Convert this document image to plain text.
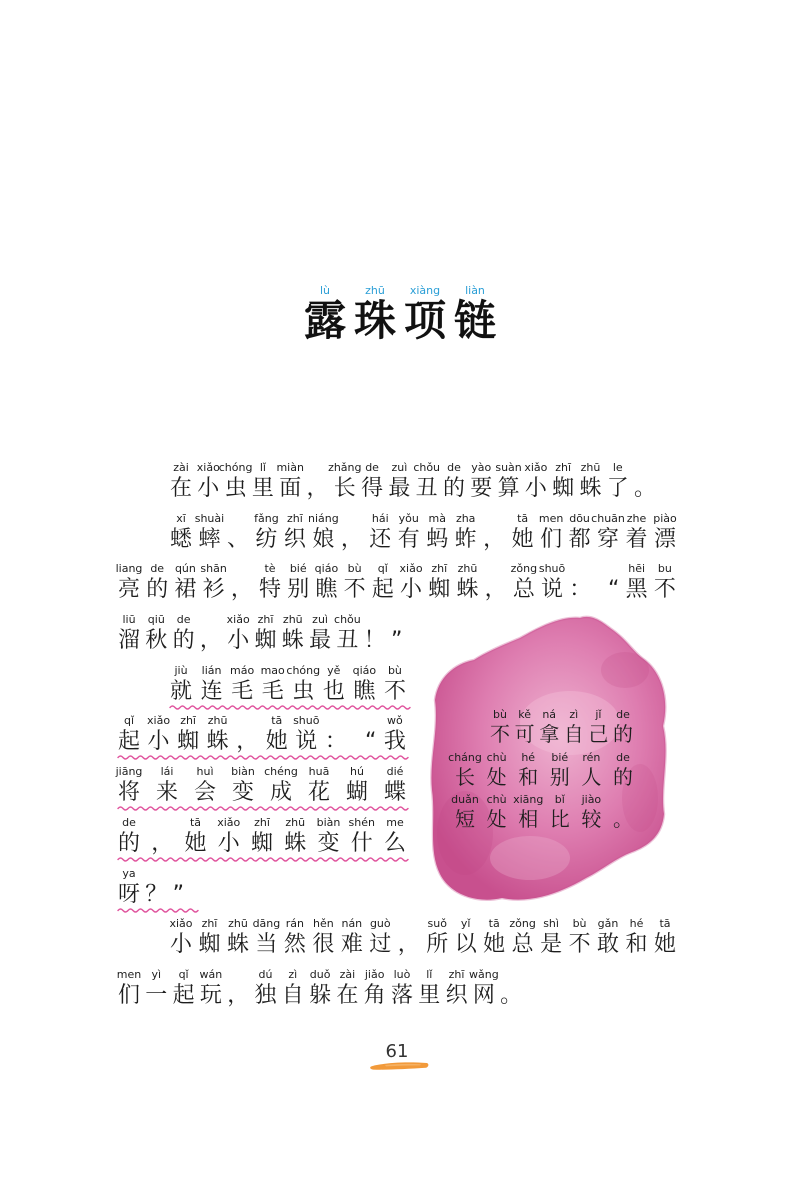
lù
露
zhū
珠
xiàng
项
liàn
链
zài
在
xiǎo
小
chóng
虫
lǐ
里
miàn
面 ，
zhǎng
长
de
得
zuì
最
chǒu
丑
de
的
yào
要
suàn
算
xiǎo
小
zhī
蜘
zhū
蛛
le
了 。
xī
蟋
shuài
蟀 、
fǎng
纺
zhī
织
niáng
娘 ，
hái
还
yǒu
有
mà
蚂
zha
蚱 ，
tā
她
men
们
dōu
都
chuān
穿
zhe
着
piào
漂
liang
亮
de
的
qún
裙
shān
衫 ，
tè
特
bié
别
qiáo
瞧
bù
不
qǐ
起
xiǎo
小
zhī
蜘
zhū
蛛 ，
zǒng
总
shuō
说 ： “
hēi
黑
bu
不
liū
溜
qiū
秋
de
的 ，
xiǎo
小
zhī
蜘
zhū
蛛
zuì
最
chǒu
丑 ！ ”
jiù
就
lián
连
máo
毛
mao
毛
chóng
虫
yě
也
qiáo
瞧
bù
不
qǐ
起
xiǎo
小
zhī
蜘
zhū
蛛 ，
tā
她
shuō
说 ： “
wǒ
我
jiāng
将
lái
来
huì
会
biàn
变
chéng
成
huā
花
hú
蝴
dié
蝶
de
的 ，
tā
她
xiǎo
小
zhī
蜘
zhū
蛛
biàn
变
shén
什
me
么
ya
呀 ？ ”
xiǎo
小
zhī
蜘
zhū
蛛
dāng
当
rán
然
hěn
很
nán
难
guò
过 ，
suǒ
所
yǐ
以
tā
她
zǒng
总
shì
是
bù
不
gǎn
敢
hé
和
tā
她
men
们
yì
一
qǐ
起
wán
玩 ，
dú
独
zì
自
duǒ
躲
zài
在
jiǎo
角
luò
落
lǐ
里
zhī
织
wǎng
网 。
bù
不
kě
可
ná
拿
zì
自
jǐ
己
de
的
cháng
长
chù
处
hé
和
bié
别
rén
人
de
的
duǎn
短
chù
处
xiāng
相
bǐ
比
jiào
较 。
61
